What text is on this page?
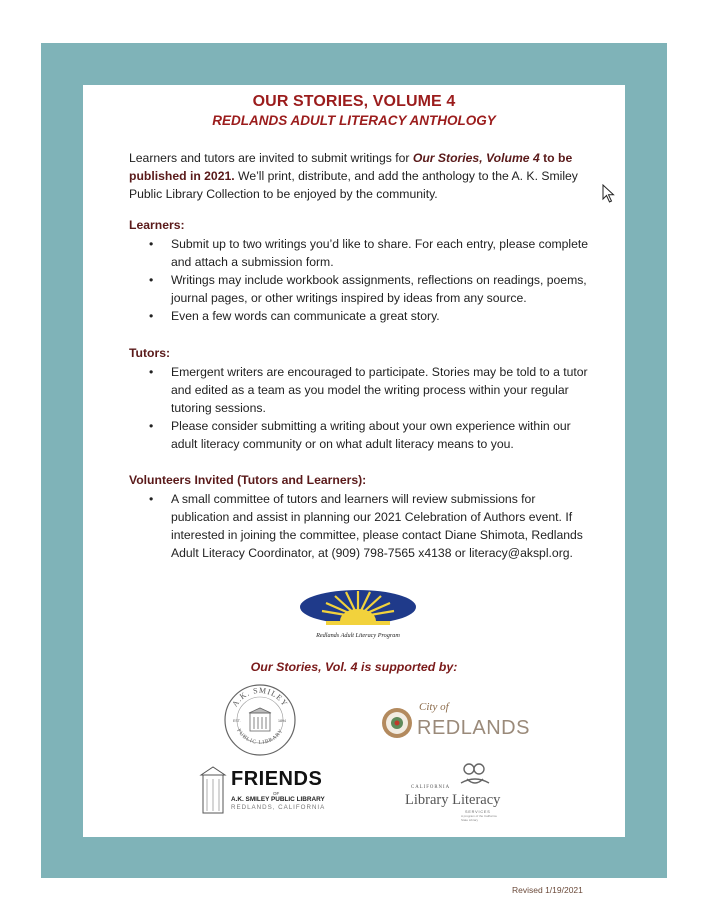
OUR STORIES, VOLUME 4
REDLANDS ADULT LITERACY ANTHOLOGY
Learners and tutors are invited to submit writings for Our Stories, Volume 4 to be published in 2021. We’ll print, distribute, and add the anthology to the A. K. Smiley Public Library Collection to be enjoyed by the community.
Learners:
• Submit up to two writings you’d like to share. For each entry, please complete and attach a submission form.
• Writings may include workbook assignments, reflections on readings, poems, journal pages, or other writings inspired by ideas from any source.
• Even a few words can communicate a great story.
Tutors:
• Emergent writers are encouraged to participate. Stories may be told to a tutor and edited as a team as you model the writing process within your regular tutoring sessions.
• Please consider submitting a writing about your own experience within our adult literacy community or on what adult literacy means to you.
Volunteers Invited (Tutors and Learners):
• A small committee of tutors and learners will review submissions for publication and assist in planning our 2021 Celebration of Authors event. If interested in joining the committee, please contact Diane Shimota, Redlands Adult Literacy Coordinator, at (909) 798-7565 x4138 or literacy@akspl.org.
Redlands Adult Literacy Program
Our Stories, Vol. 4 is supported by:
A.K. SMILEY
PUBLIC LIBRARY
EST.	1894
City of
REDLANDS
FRIENDS
OF
A.K. SMILEY PUBLIC LIBRARY
REDLANDS, CALIFORNIA
CALIFORNIA
Library Literacy
SERVICES
A program of the California State Library
Revised 1/19/2021
